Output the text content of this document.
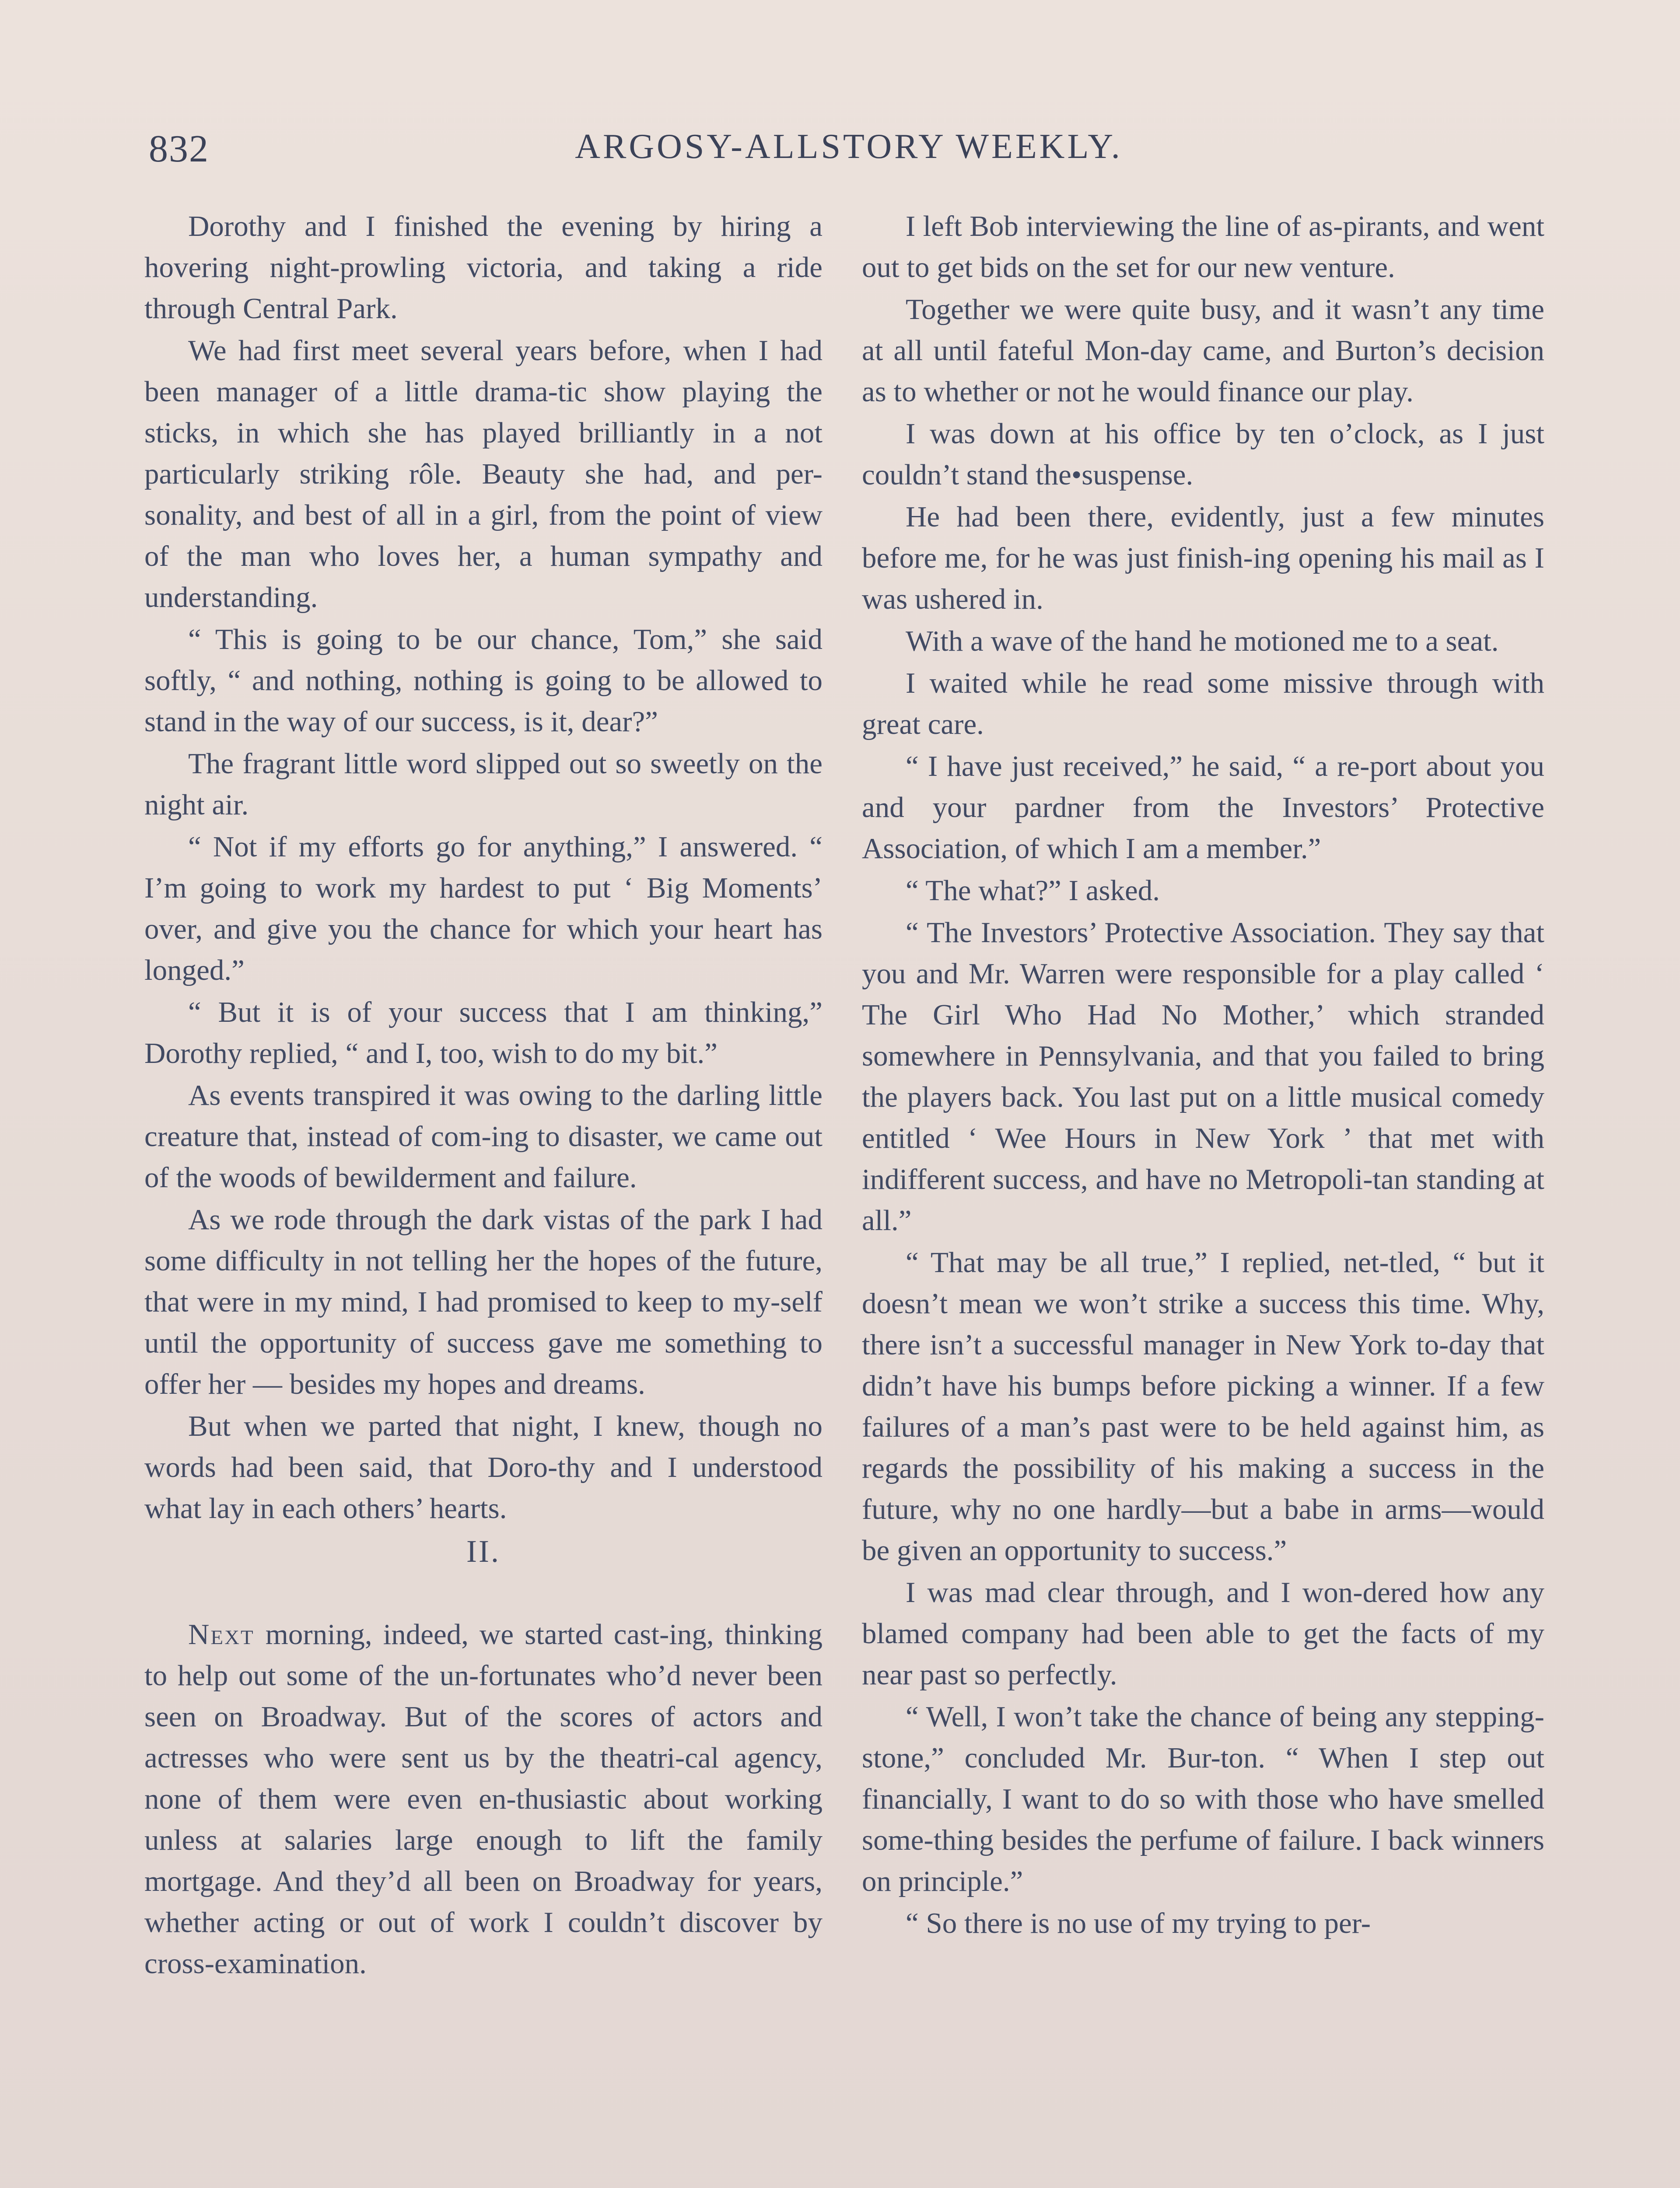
832	ARGOSY-ALLSTORY WEEKLY.

Dorothy and I finished the evening by hiring a hovering night-prowling victoria, and taking a ride through Central Park.

We had first meet several years before, when I had been manager of a little drama-tic show playing the sticks, in which she has played brilliantly in a not particularly striking rôle. Beauty she had, and per-sonality, and best of all in a girl, from the point of view of the man who loves her, a human sympathy and understanding.

“ This is going to be our chance, Tom,” she said softly, “ and nothing, nothing is going to be allowed to stand in the way of our success, is it, dear?”

The fragrant little word slipped out so sweetly on the night air.

“ Not if my efforts go for anything,” I answered. “ I’m going to work my hardest to put ‘ Big Moments’ over, and give you the chance for which your heart has longed.”

“ But it is of your success that I am thinking,” Dorothy replied, “ and I, too, wish to do my bit.”

As events transpired it was owing to the darling little creature that, instead of com-ing to disaster, we came out of the woods of bewilderment and failure.

As we rode through the dark vistas of the park I had some difficulty in not telling her the hopes of the future, that were in my mind, I had promised to keep to my-self until the opportunity of success gave me something to offer her — besides my hopes and dreams.

But when we parted that night, I knew, though no words had been said, that Doro-thy and I understood what lay in each others’ hearts.

II.

Next morning, indeed, we started cast-ing, thinking to help out some of the un-fortunates who’d never been seen on Broadway. But of the scores of actors and actresses who were sent us by the theatri-cal agency, none of them were even en-thusiastic about working unless at salaries large enough to lift the family mortgage. And they’d all been on Broadway for years, whether acting or out of work I couldn’t discover by cross-examination.

I left Bob interviewing the line of as-pirants, and went out to get bids on the set for our new venture.

Together we were quite busy, and it wasn’t any time at all until fateful Mon-day came, and Burton’s decision as to whether or not he would finance our play.

I was down at his office by ten o’clock, as I just couldn’t stand the•suspense.

He had been there, evidently, just a few minutes before me, for he was just finish-ing opening his mail as I was ushered in.

With a wave of the hand he motioned me to a seat.

I waited while he read some missive through with great care.

“ I have just received,” he said, “ a re-port about you and your pardner from the Investors’ Protective Association, of which I am a member.”

“ The what?” I asked.

“ The Investors’ Protective Association. They say that you and Mr. Warren were responsible for a play called ‘ The Girl Who Had No Mother,’ which stranded somewhere in Pennsylvania, and that you failed to bring the players back. You last put on a little musical comedy entitled ‘ Wee Hours in New York ’ that met with indifferent success, and have no Metropoli-tan standing at all.”

“ That may be all true,” I replied, net-tled, “ but it doesn’t mean we won’t strike a success this time. Why, there isn’t a successful manager in New York to-day that didn’t have his bumps before picking a winner. If a few failures of a man’s past were to be held against him, as regards the possibility of his making a success in the future, why no one hardly—but a babe in arms—would be given an opportunity to success.”

I was mad clear through, and I won-dered how any blamed company had been able to get the facts of my near past so perfectly.

“ Well, I won’t take the chance of being any stepping-stone,” concluded Mr. Bur-ton. “ When I step out financially, I want to do so with those who have smelled some-thing besides the perfume of failure. I back winners on principle.”

“ So there is no use of my trying to per-
